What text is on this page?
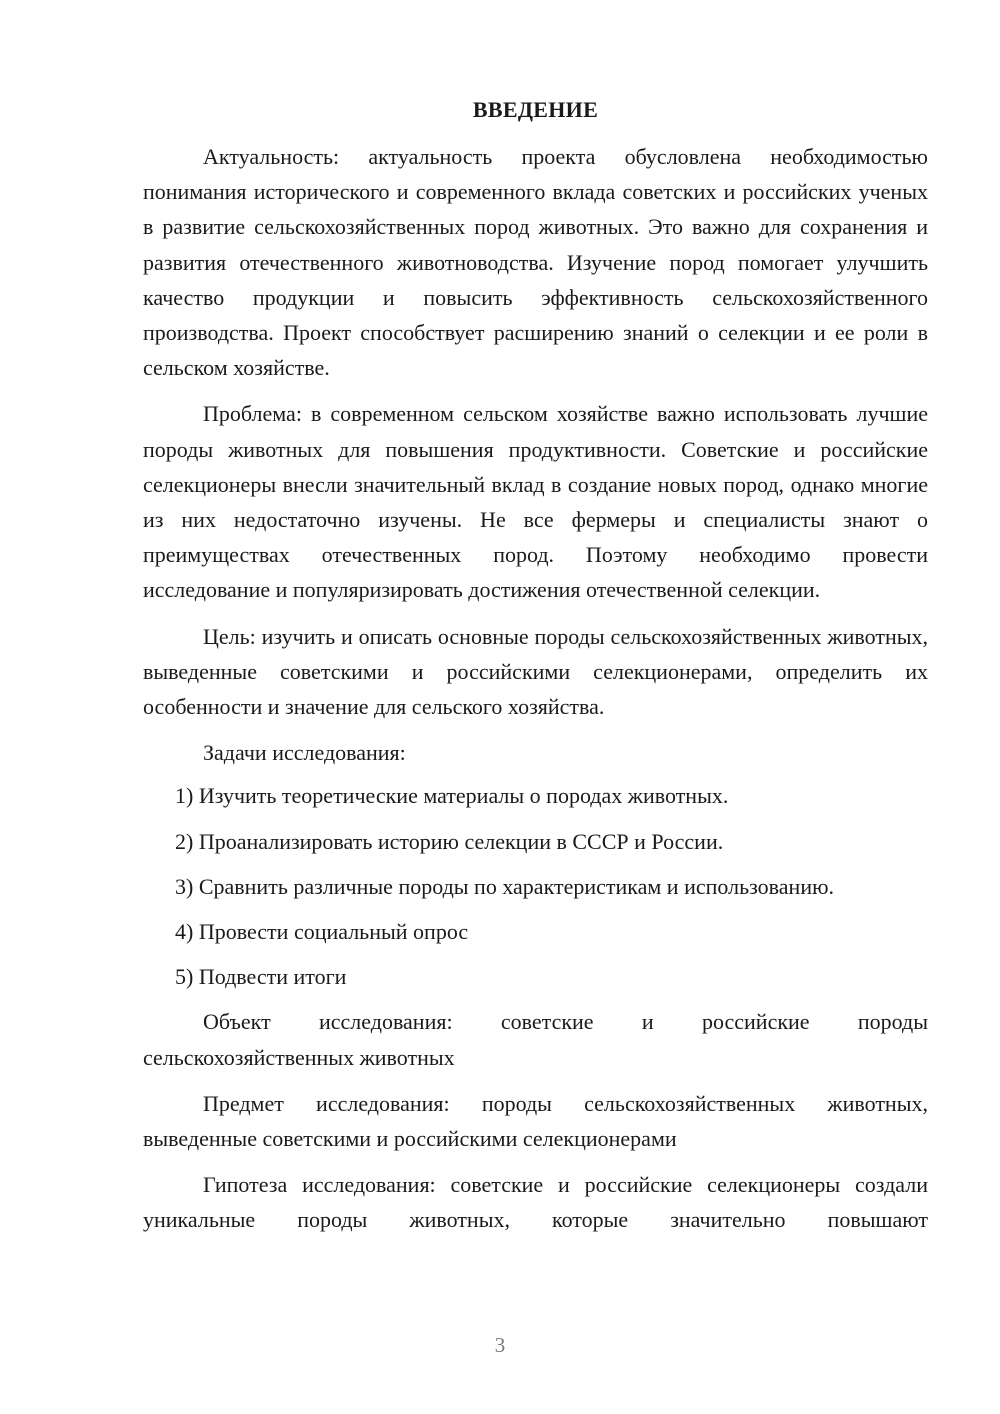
ВВЕДЕНИЕ

Актуальность: актуальность проекта обусловлена необходимостью понимания исторического и современного вклада советских и российских ученых в развитие сельскохозяйственных пород животных. Это важно для сохранения и развития отечественного животноводства. Изучение пород помогает улучшить качество продукции и повысить эффективность сельскохозяйственного производства. Проект способствует расширению знаний о селекции и ее роли в сельском хозяйстве.

Проблема: в современном сельском хозяйстве важно использовать лучшие породы животных для повышения продуктивности. Советские и российские селекционеры внесли значительный вклад в создание новых пород, однако многие из них недостаточно изучены. Не все фермеры и специалисты знают о преимуществах отечественных пород. Поэтому необходимо провести исследование и популяризировать достижения отечественной селекции.

Цель: изучить и описать основные породы сельскохозяйственных животных, выведенные советскими и российскими селекционерами, определить их особенности и значение для сельского хозяйства.

Задачи исследования:
1) Изучить теоретические материалы о породах животных.
2) Проанализировать историю селекции в СССР и России.
3) Сравнить различные породы по характеристикам и использованию.
4) Провести социальный опрос
5) Подвести итоги

Объект исследования: советские и российские породы сельскохозяйственных животных

Предмет исследования: породы сельскохозяйственных животных, выведенные советскими и российскими селекционерами

Гипотеза исследования: советские и российские селекционеры создали уникальные породы животных, которые значительно повышают

3
